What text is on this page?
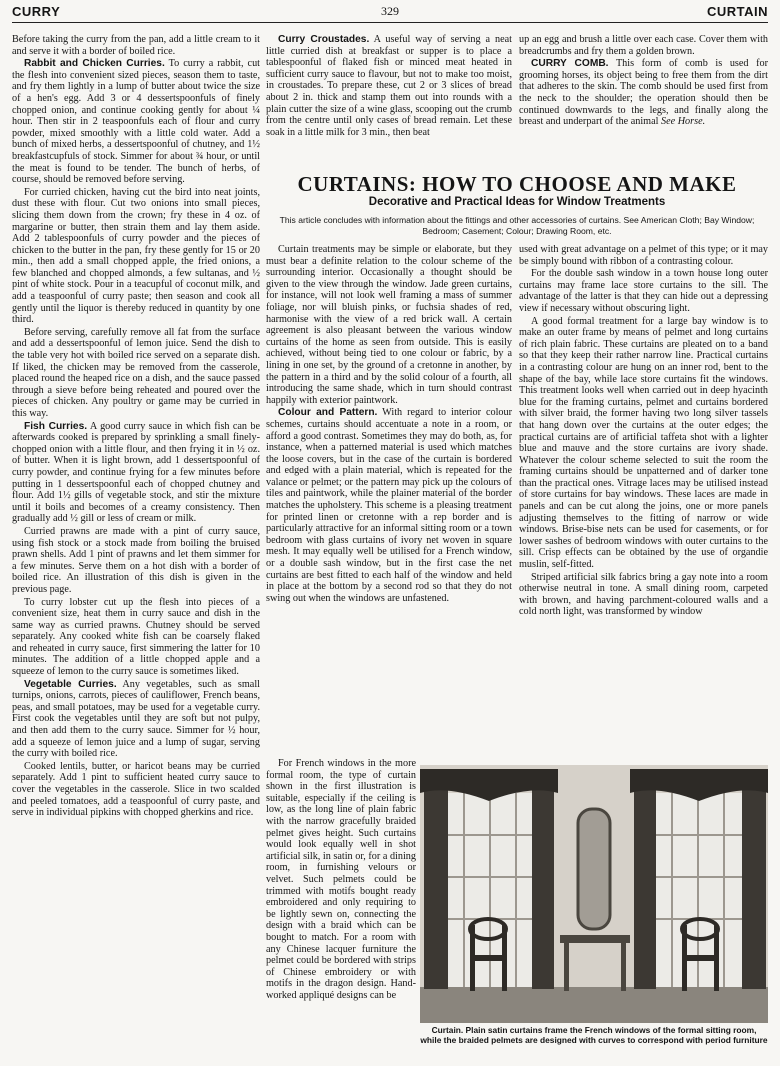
CURRY	329	CURTAIN

Before taking the curry from the pan, add a little cream to it and serve it with a border of boiled rice.

Rabbit and Chicken Curries. To curry a rabbit, cut the flesh into convenient sized pieces, season them to taste, and fry them lightly in a lump of butter about twice the size of a hen's egg. Add 3 or 4 dessertspoonfuls of finely chopped onion, and continue cooking gently for about ¼ hour. Then stir in 2 teaspoonfuls each of flour and curry powder, mixed smoothly with a little cold water. Add a bunch of mixed herbs, a dessertspoonful of chutney, and 1½ breakfastcupfuls of stock. Simmer for about ¾ hour, or until the meat is found to be tender. The bunch of herbs, of course, should be removed before serving.

For curried chicken, having cut the bird into neat joints, dust these with flour. Cut two onions into small pieces, slicing them down from the crown; fry these in 4 oz. of margarine or butter, then strain them and lay them aside. Add 2 tablespoonfuls of curry powder and the pieces of chicken to the butter in the pan, fry these gently for 15 or 20 min., then add a small chopped apple, the fried onions, a few blanched and chopped almonds, a few sultanas, and ½ pint of white stock. Pour in a teacupful of coconut milk, and add a teaspoonful of curry paste; then season and cook all gently until the liquor is thereby reduced in quantity by one third.

Before serving, carefully remove all fat from the surface and add a dessertspoonful of lemon juice. Send the dish to the table very hot with boiled rice served on a separate dish. If liked, the chicken may be removed from the casserole, placed round the heaped rice on a dish, and the sauce passed through a sieve before being reheated and poured over the pieces of chicken. Any poultry or game may be curried in this way.

Fish Curries. A good curry sauce in which fish can be afterwards cooked is prepared by sprinkling a small finely-chopped onion with a little flour, and then frying it in ½ oz. of butter. When it is light brown, add 1 dessertspoonful of curry powder, and continue frying for a few minutes before putting in 1 dessertspoonful each of chopped chutney and flour. Add 1½ gills of vegetable stock, and stir the mixture until it boils and becomes of a creamy consistency. Then gradually add ½ gill or less of cream or milk.

Curried prawns are made with a pint of curry sauce, using fish stock or a stock made from boiling the bruised prawn shells. Add 1 pint of prawns and let them simmer for a few minutes. Serve them on a hot dish with a border of boiled rice. An illustration of this dish is given in the previous page.

To curry lobster cut up the flesh into pieces of a convenient size, heat them in curry sauce and dish in the same way as curried prawns. Chutney should be served separately. Any cooked white fish can be coarsely flaked and reheated in curry sauce, first simmering the latter for 10 minutes. The addition of a little chopped apple and a squeeze of lemon to the curry sauce is sometimes liked.

Vegetable Curries. Any vegetables, such as small turnips, onions, carrots, pieces of cauliflower, French beans, peas, and small potatoes, may be used for a vegetable curry. First cook the vegetables until they are soft but not pulpy, and then add them to the curry sauce. Simmer for ½ hour, add a squeeze of lemon juice and a lump of sugar, serving the curry with boiled rice.

Cooked lentils, butter, or haricot beans may be curried separately. Add 1 pint to sufficient heated curry sauce to cover the vegetables in the casserole. Slice in two scalded and peeled tomatoes, add a teaspoonful of curry paste, and serve in individual pipkins with chopped gherkins and rice.

Curry Croustades. A useful way of serving a neat little curried dish at breakfast or supper is to place a tablespoonful of flaked fish or minced meat heated in sufficient curry sauce to flavour, but not to make too moist, in croustades. To prepare these, cut 2 or 3 slices of bread about 2 in. thick and stamp them out into rounds with a plain cutter the size of a wine glass, scooping out the crumb from the centre until only cases of bread remain. Let these soak in a little milk for 3 min., then beat

up an egg and brush a little over each case. Cover them with breadcrumbs and fry them a golden brown.

CURRY COMB. This form of comb is used for grooming horses, its object being to free them from the dirt that adheres to the skin. The comb should be used first from the neck to the shoulder; the operation should then be continued downwards to the legs, and finally along the breast and underpart of the animal See Horse.

CURTAINS: HOW TO CHOOSE AND MAKE
Decorative and Practical Ideas for Window Treatments
This article concludes with information about the fittings and other accessories of curtains. See American Cloth; Bay Window; Bedroom; Casement; Colour; Drawing Room, etc.

Curtain treatments may be simple or elaborate, but they must bear a definite relation to the colour scheme of the surrounding interior. Occasionally a thought should be given to the view through the window. Jade green curtains, for instance, will not look well framing a mass of summer foliage, nor will bluish pinks, or fuchsia shades of red, harmonise with the view of a red brick wall. A certain agreement is also pleasant between the various window curtains of the home as seen from outside. This is easily achieved, without being tied to one colour or fabric, by a lining in one set, by the ground of a cretonne in another, by the pattern in a third and by the solid colour of a fourth, all introducing the same shade, which in turn should contrast happily with exterior paintwork.

Colour and Pattern. With regard to interior colour schemes, curtains should accentuate a note in a room, or afford a good contrast. Sometimes they may do both, as, for instance, when a patterned material is used which matches the loose covers, but in the case of the curtain is bordered and edged with a plain material, which is repeated for the valance or pelmet; or the pattern may pick up the colours of tiles and paintwork, while the plainer material of the border matches the upholstery. This scheme is a pleasing treatment for printed linen or cretonne with a rep border and is particularly attractive for an informal sitting room or a town bedroom with glass curtains of ivory net woven in square mesh. It may equally well be utilised for a French window, or a double sash window, but in the first case the net curtains are best fitted to each half of the window and held in place at the bottom by a second rod so that they do not swing out when the windows are unfastened.

For French windows in the more formal room, the type of curtain shown in the first illustration is suitable, especially if the ceiling is low, as the long line of plain fabric with the narrow gracefully braided pelmet gives height. Such curtains would look equally well in shot artificial silk, in satin or, for a dining room, in furnishing velours or velvet. Such pelmets could be trimmed with motifs bought ready embroidered and only requiring to be lightly sewn on, connecting the design with a braid which can be bought to match. For a room with any Chinese lacquer furniture the pelmet could be bordered with strips of Chinese embroidery or with motifs in the dragon design. Hand-worked appliqué designs can be

used with great advantage on a pelmet of this type; or it may be simply bound with ribbon of a contrasting colour.

For the double sash window in a town house long outer curtains may frame lace store curtains to the sill. The advantage of the latter is that they can hide out a depressing view if necessary without obscuring light.

A good formal treatment for a large bay window is to make an outer frame by means of pelmet and long curtains of rich plain fabric. These curtains are pleated on to a band so that they keep their rather narrow line. Practical curtains in a contrasting colour are hung on an inner rod, bent to the shape of the bay, while lace store curtains fit the windows. This treatment looks well when carried out in deep hyacinth blue for the framing curtains, pelmet and curtains bordered with silver braid, the former having two long silver tassels that hang down over the curtains at the outer edges; the practical curtains are of artificial taffeta shot with a lighter blue and mauve and the store curtains are ivory shade. Whatever the colour scheme selected to suit the room the framing curtains should be unpatterned and of darker tone than the practical ones. Vitrage laces may be utilised instead of store curtains for bay windows. These laces are made in panels and can be cut along the joins, one or more panels adjusting themselves to the fitting of narrow or wide windows. Brise-bise nets can be used for casements, or for lower sashes of bedroom windows with outer curtains to the sill. Crisp effects can be obtained by the use of organdie muslin, self-fitted.

Striped artificial silk fabrics bring a gay note into a room otherwise neutral in tone. A small dining room, carpeted with brown, and having parchment-coloured walls and a cold north light, was transformed by window

Curtain. Plain satin curtains frame the French windows of the formal sitting room, while the braided pelmets are designed with curves to correspond with period furniture
